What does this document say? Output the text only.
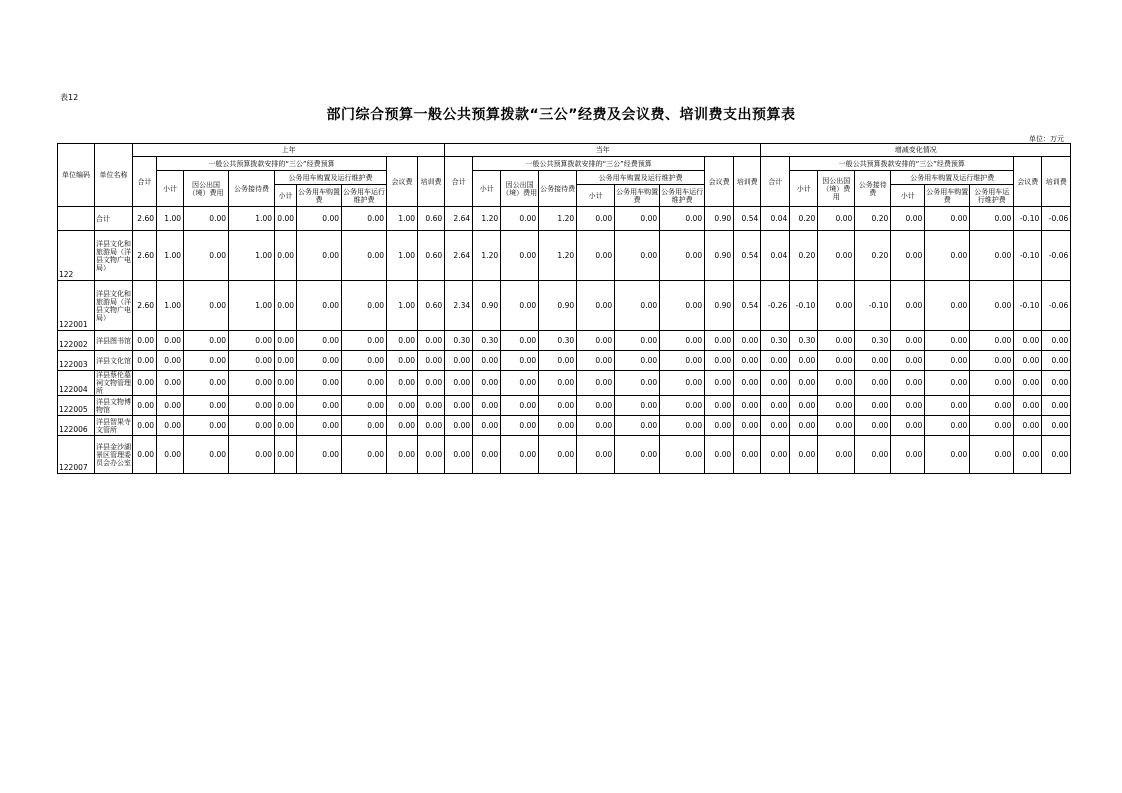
表12
部门综合预算一般公共预算拨款“三公”经费及会议费、培训费支出预算表
单位：万元
单位编码	单位名称	上年									当年									增减变化情况								
		合计	一般公共预算拨款安排的“三公”经费预算						会议费	培训费	合计	一般公共预算拨款安排的“三公”经费预算						会议费	培训费	合计	一般公共预算拨款安排的“三公”经费预算						会议费	培训费
			小计	因公出国（境）费用	公务接待费	公务用车购置及运行维护费						小计	因公出国（境）费用	公务接待费	公务用车购置及运行维护费						小计	因公出国（境）费用	公务接待费	公务用车购置及运行维护费				
						小计	公务用车购置费	公务用车运行维护费							小计	公务用车购置费	公务用车运行维护费							小计	公务用车购置费	公务用车运行维护费		
	合计	2.60	1.00	0.00	1.00	0.00	0.00	0.00	1.00	0.60	2.64	1.20	0.00	1.20	0.00	0.00	0.00	0.90	0.54	0.04	0.20	0.00	0.20	0.00	0.00	0.00	-0.10	-0.06
122	洋县文化和旅游局（洋县文物广电局）	2.60	1.00	0.00	1.00	0.00	0.00	0.00	1.00	0.60	2.64	1.20	0.00	1.20	0.00	0.00	0.00	0.90	0.54	0.04	0.20	0.00	0.20	0.00	0.00	0.00	-0.10	-0.06
122001	洋县文化和旅游局（洋县文物广电局）	2.60	1.00	0.00	1.00	0.00	0.00	0.00	1.00	0.60	2.34	0.90	0.00	0.90	0.00	0.00	0.00	0.90	0.54	-0.26	-0.10	0.00	-0.10	0.00	0.00	0.00	-0.10	-0.06
122002	洋县图书馆	0.00	0.00	0.00	0.00	0.00	0.00	0.00	0.00	0.00	0.30	0.30	0.00	0.30	0.00	0.00	0.00	0.00	0.00	0.30	0.30	0.00	0.30	0.00	0.00	0.00	0.00	0.00
122003	洋县文化馆	0.00	0.00	0.00	0.00	0.00	0.00	0.00	0.00	0.00	0.00	0.00	0.00	0.00	0.00	0.00	0.00	0.00	0.00	0.00	0.00	0.00	0.00	0.00	0.00	0.00	0.00	0.00
122004	洋县蔡伦墓祠文物管理所	0.00	0.00	0.00	0.00	0.00	0.00	0.00	0.00	0.00	0.00	0.00	0.00	0.00	0.00	0.00	0.00	0.00	0.00	0.00	0.00	0.00	0.00	0.00	0.00	0.00	0.00	0.00
122005	洋县文物博物馆	0.00	0.00	0.00	0.00	0.00	0.00	0.00	0.00	0.00	0.00	0.00	0.00	0.00	0.00	0.00	0.00	0.00	0.00	0.00	0.00	0.00	0.00	0.00	0.00	0.00	0.00	0.00
122006	洋县智果寺文管所	0.00	0.00	0.00	0.00	0.00	0.00	0.00	0.00	0.00	0.00	0.00	0.00	0.00	0.00	0.00	0.00	0.00	0.00	0.00	0.00	0.00	0.00	0.00	0.00	0.00	0.00	0.00
122007	洋县金沙湖景区管理委员会办公室	0.00	0.00	0.00	0.00	0.00	0.00	0.00	0.00	0.00	0.00	0.00	0.00	0.00	0.00	0.00	0.00	0.00	0.00	0.00	0.00	0.00	0.00	0.00	0.00	0.00	0.00	0.00
